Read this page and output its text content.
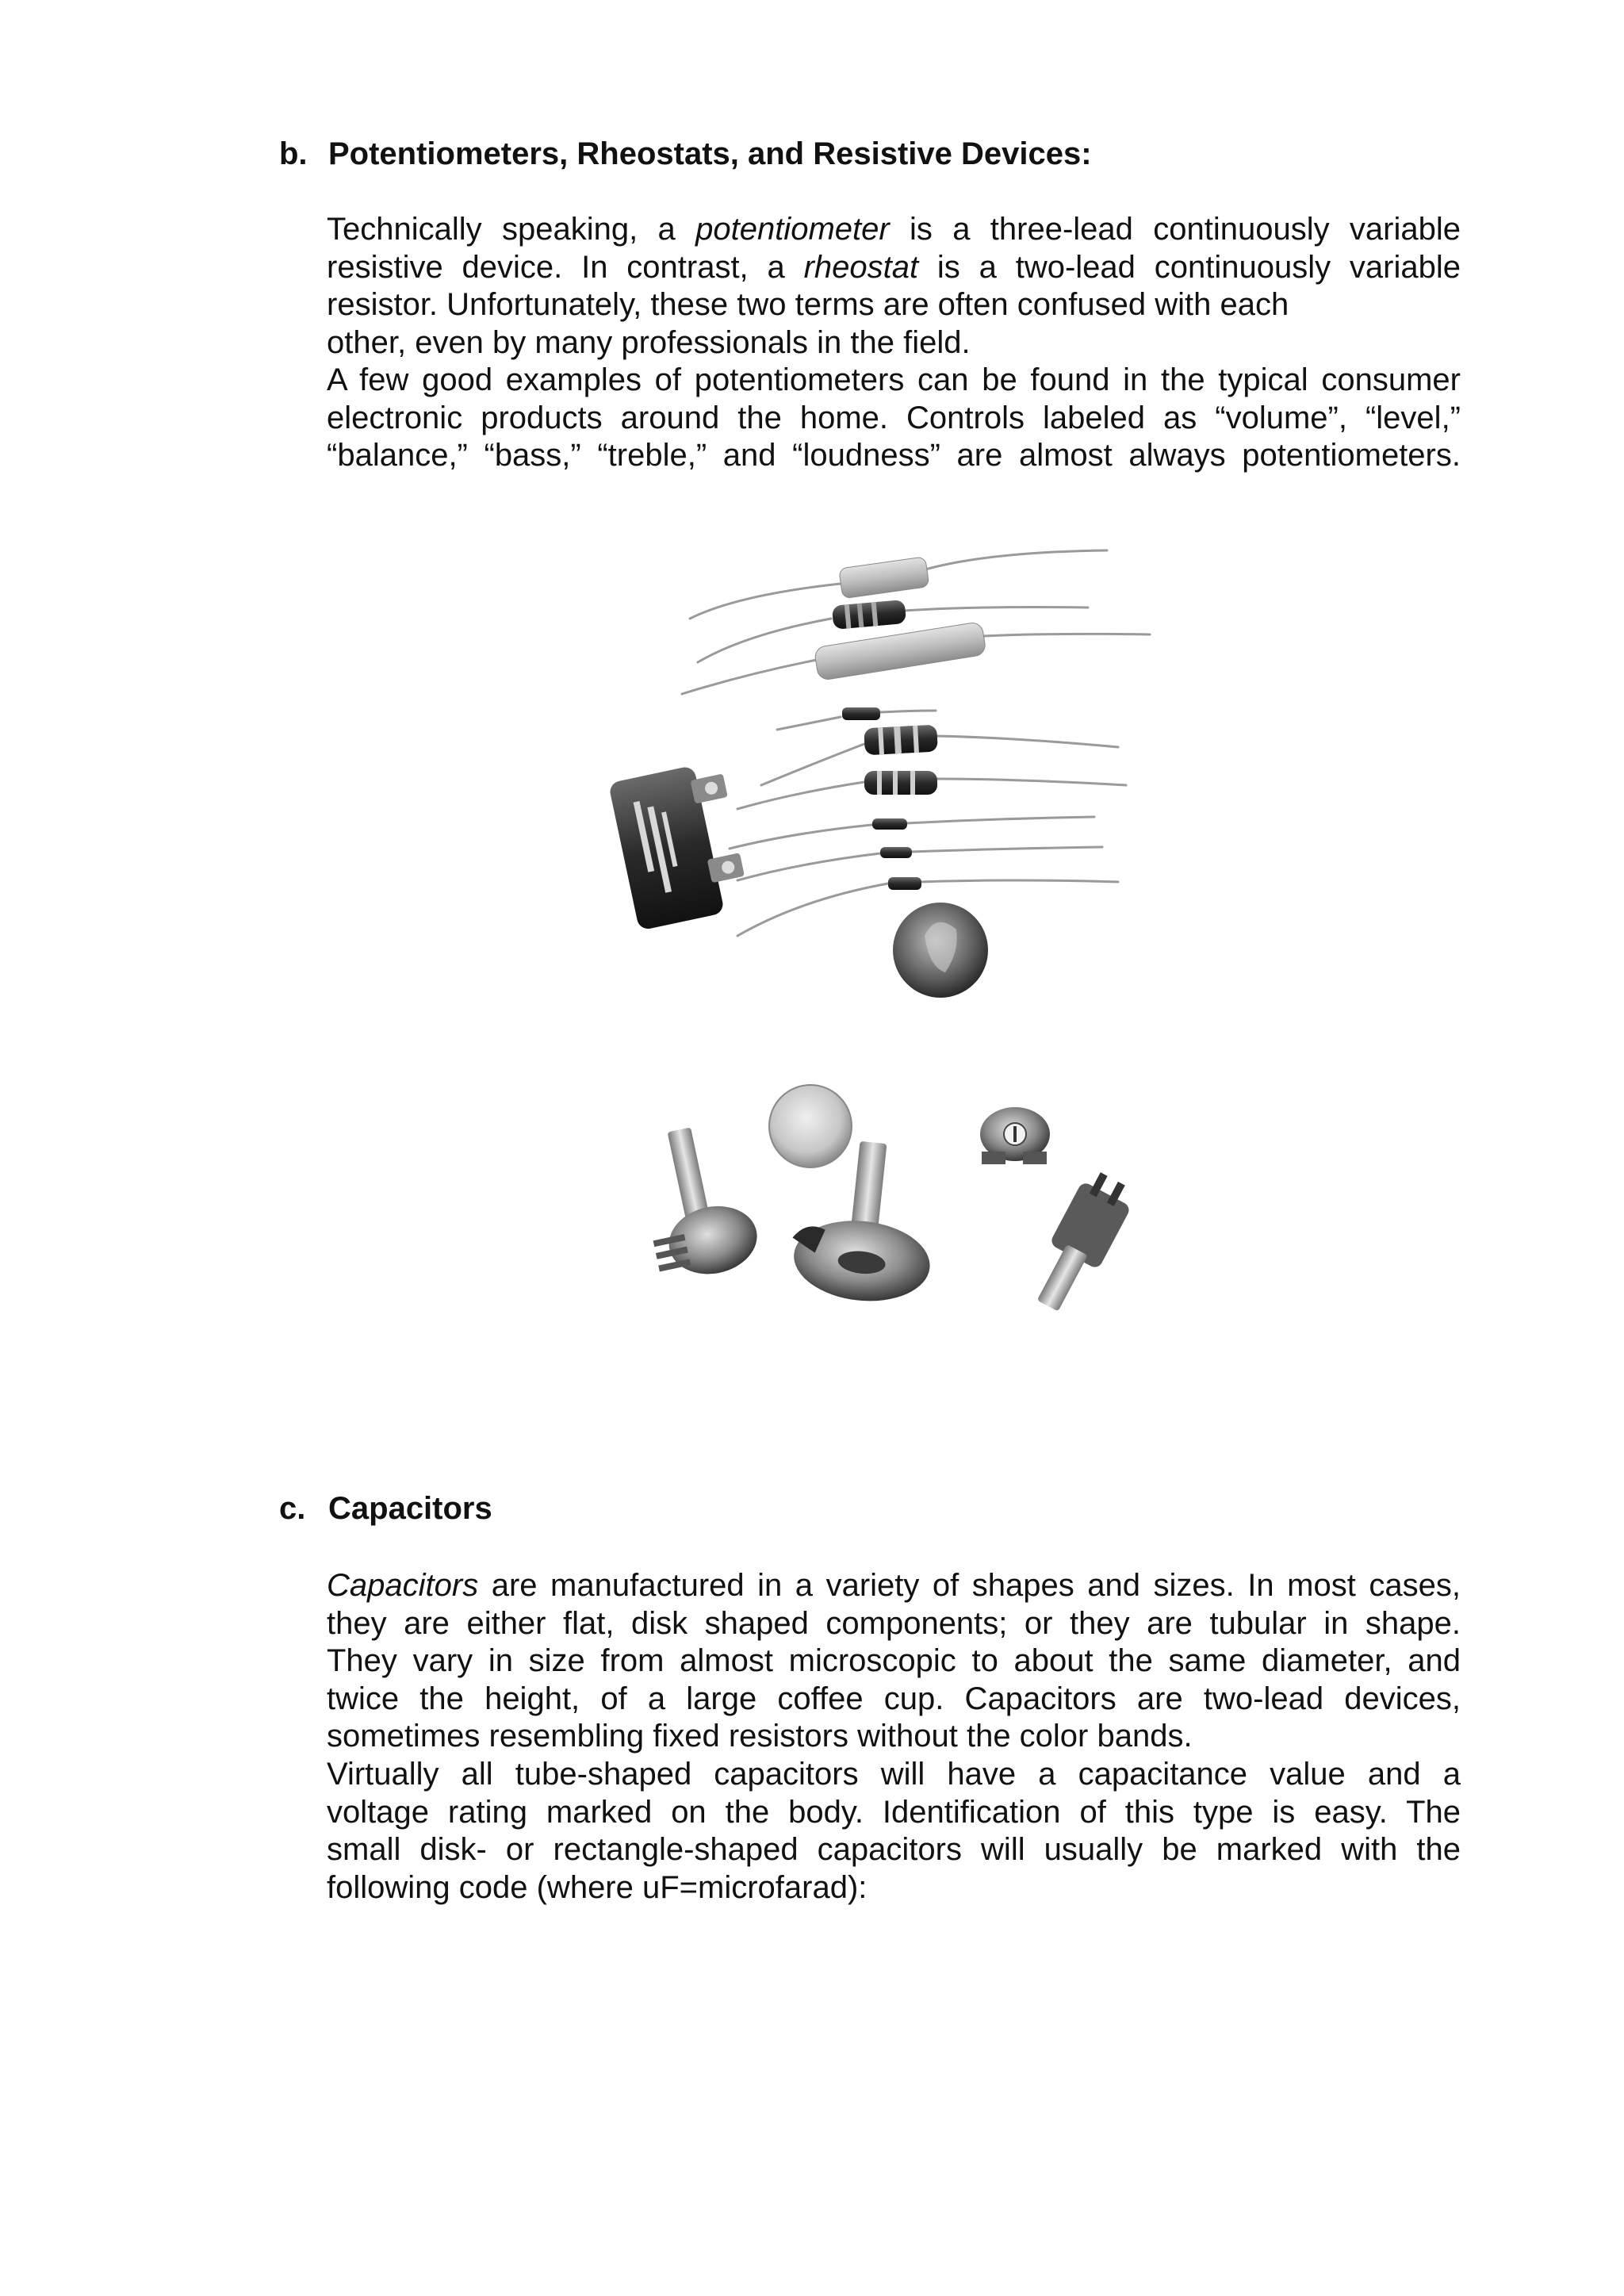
b. Potentiometers, Rheostats, and Resistive Devices:
Technically speaking, a potentiometer is a three-lead continuously variable
resistive device. In contrast, a rheostat is a two-lead continuously variable
resistor. Unfortunately, these two terms are often confused with each
other, even by many professionals in the field.
A few good examples of potentiometers can be found in the typical consumer
electronic products around the home. Controls labeled as “volume”, “level,”
“balance,” “bass,” “treble,” and “loudness” are almost always potentiometers.
c. Capacitors
Capacitors are manufactured in a variety of shapes and sizes. In most cases,
they are either flat, disk shaped components; or they are tubular in shape.
They vary in size from almost microscopic to about the same diameter, and
twice the height, of a large coffee cup. Capacitors are two-lead devices,
sometimes resembling fixed resistors without the color bands.
Virtually all tube-shaped capacitors will have a capacitance value and a
voltage rating marked on the body. Identification of this type is easy. The
small disk- or rectangle-shaped capacitors will usually be marked with the
following code (where uF=microfarad):
